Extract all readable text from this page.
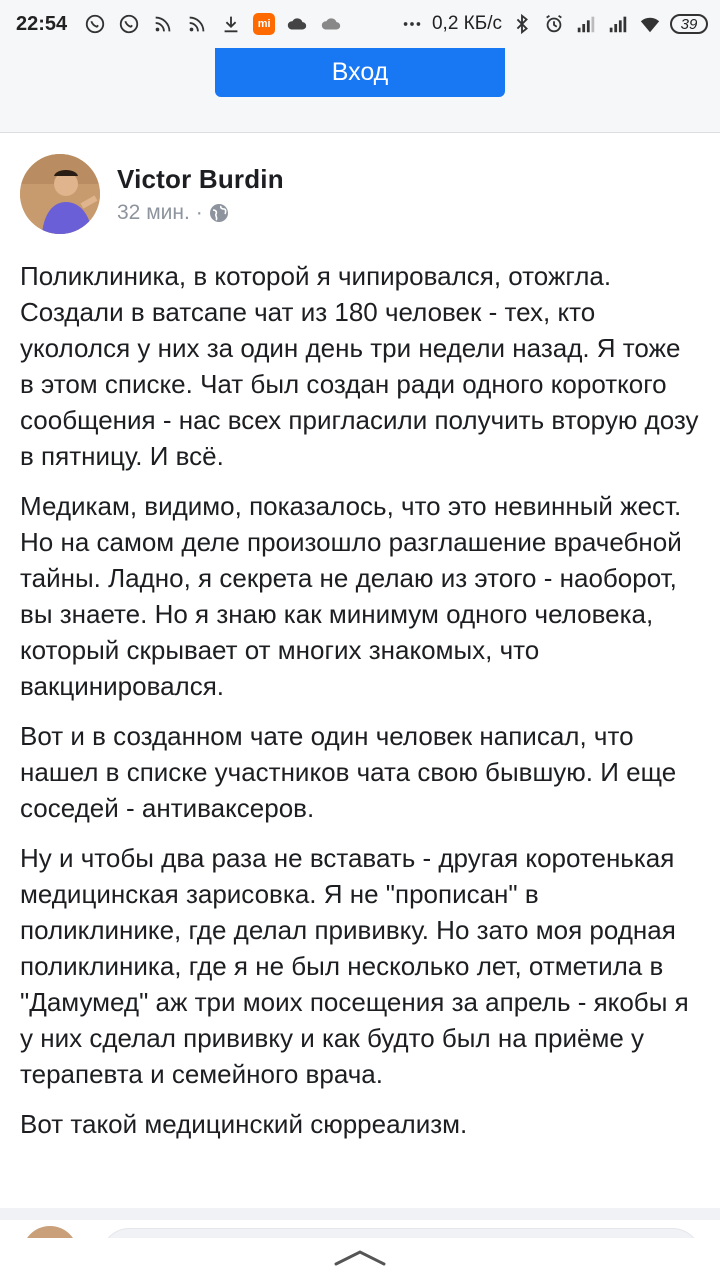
22:54	mi	0,2 КБ/с	39
Вход
Victor Burdin
32 мин. ·

Поликлиника, в которой я чипировался, отожгла. Создали в ватсапе чат из 180 человек - тех, кто укололся у них за один день три недели назад. Я тоже в этом списке. Чат был создан ради одного короткого сообщения - нас всех пригласили получить вторую дозу в пятницу. И всё.

Медикам, видимо, показалось, что это невинный жест. Но на самом деле произошло разглашение врачебной тайны. Ладно, я секрета не делаю из этого - наоборот, вы знаете. Но я знаю как минимум одного человека, который скрывает от многих знакомых, что вакцинировался.

Вот и в созданном чате один человек написал, что нашел в списке участников чата свою бывшую. И еще соседей - антиваксеров.

Ну и чтобы два раза не вставать - другая коротенькая медицинская зарисовка. Я не "прописан" в поликлинике, где делал прививку. Но зато моя родная поликлиника, где я не был несколько лет, отметила в "Дамумед" аж три моих посещения за апрель - якобы я у них сделал прививку и как будто был на приёме у терапевта и семейного врача.

Вот такой медицинский сюрреализм.
